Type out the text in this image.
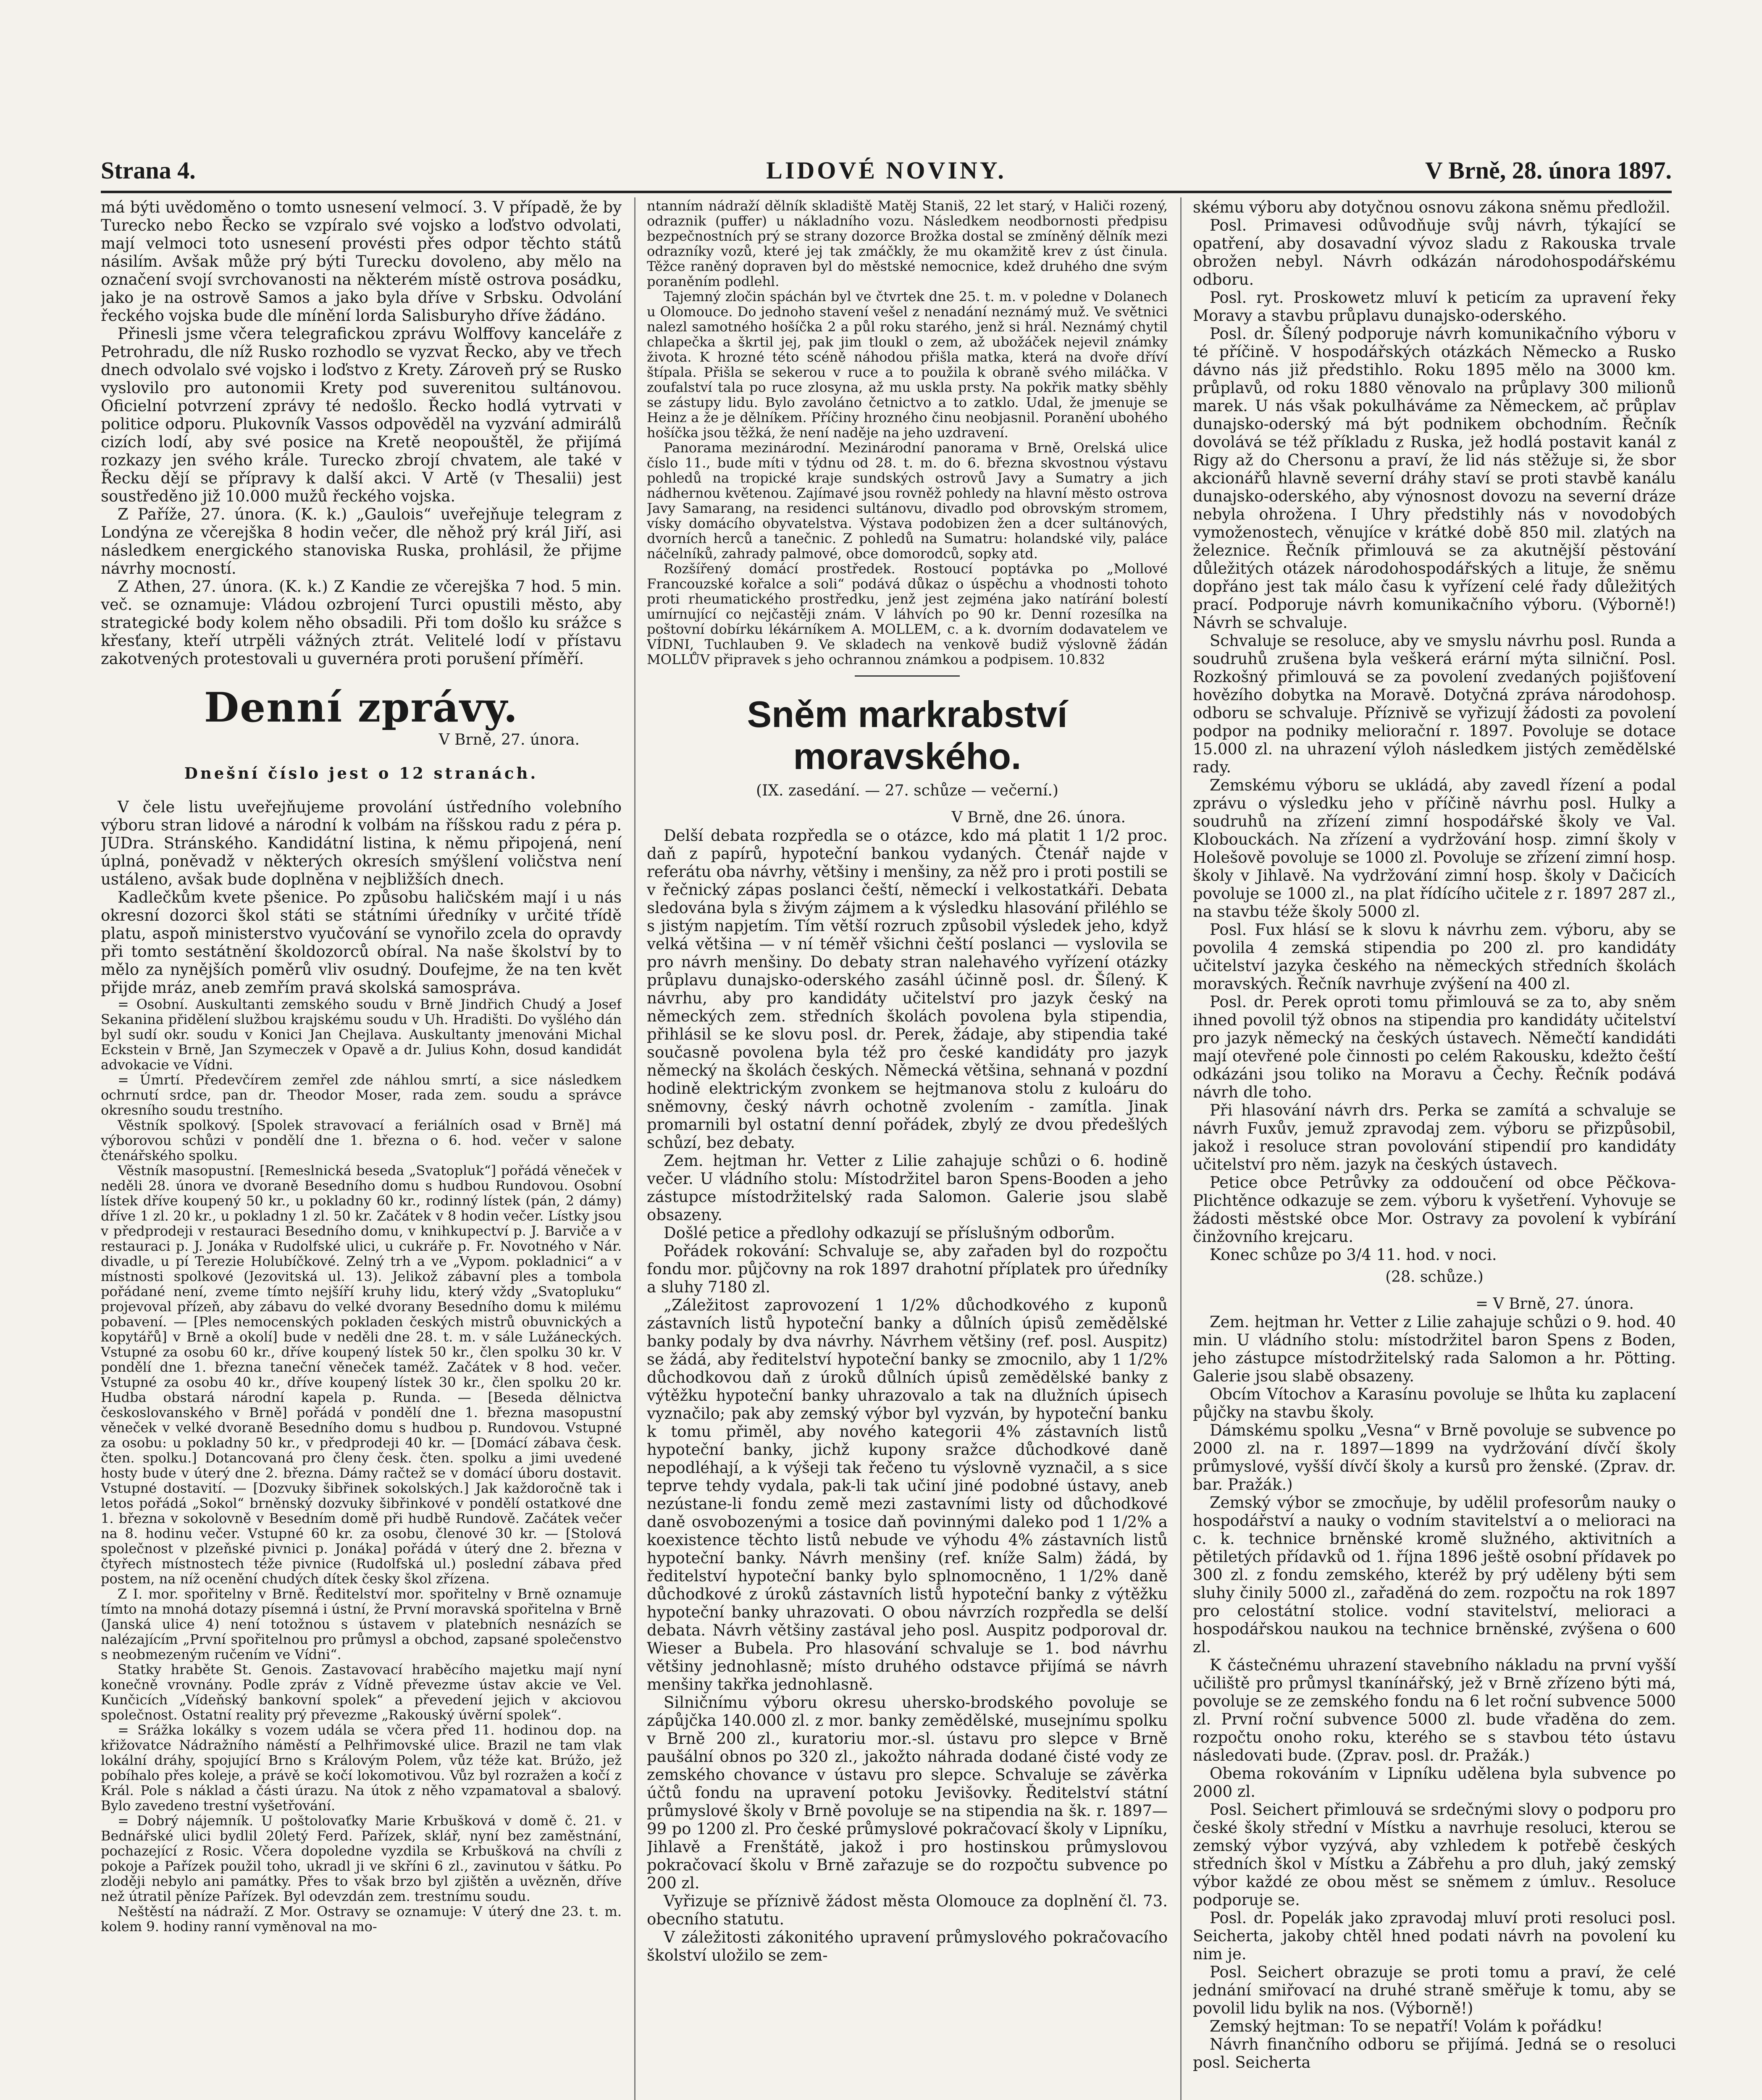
Strana 4.	LIDOVÉ NOVINY.	V Brně, 28. února 1897.

má býti uvědoměno o tomto usnesení velmocí. 3. V případě, že by Turecko nebo Řecko se vzpíralo své vojsko a loďstvo odvolati, mají velmoci toto usnesení provésti přes odpor těchto států násilím. Avšak může prý býti Turecku dovoleno, aby mělo na označení svojí svrchovanosti na některém místě ostrova posádku, jako je na ostrově Samos a jako byla dříve v Srbsku. Odvolání řeckého vojska bude dle mínění lorda Salisburyho dříve žádáno.

Přinesli jsme včera telegrafickou zprávu Wolffovy kanceláře z Petrohradu, dle níž Rusko rozhodlo se vyzvat Řecko, aby ve třech dnech odvolalo své vojsko i loďstvo z Krety. Zároveň prý se Rusko vyslovilo pro autonomii Krety pod suverenitou sultánovou. Oficielní potvrzení zprávy té nedošlo. Řecko hodlá vytrvati v politice odporu. Plukovník Vassos odpověděl na vyzvání admirálů cizích lodí, aby své posice na Kretě neopouštěl, že přijímá rozkazy jen svého krále. Turecko zbrojí chvatem, ale také v Řecku dějí se přípravy k další akci. V Artě (v Thesalii) jest soustředěno již 10.000 mužů řeckého vojska.

Z Paříže, 27. února. (K. k.) „Gaulois“ uveřejňuje telegram z Londýna ze včerejška 8 hodin večer, dle něhož prý král Jiří, asi následkem energického stanoviska Ruska, prohlásil, že přijme návrhy mocností.

Z Athen, 27. února. (K. k.) Z Kandie ze včerejška 7 hod. 5 min. več. se oznamuje: Vládou ozbrojení Turci opustili město, aby strategické body kolem něho obsadili. Při tom došlo ku srážce s křesťany, kteří utrpěli vážných ztrát. Velitelé lodí v přístavu zakotvených protestovali u guvernéra proti porušení příměří.

Denní zprávy.

V Brně, 27. února.

Dnešní číslo jest o 12 stranách.

V čele listu uveřejňujeme provolání ústředního volebního výboru stran lidové a národní k volbám na říšskou radu z péra p. JUDra. Stránského. Kandidátní listina, k němu připojená, není úplná, poněvadž v některých okresích smýšlení voličstva není ustáleno, avšak bude doplněna v nejbližších dnech.

Kadlečkům kvete pšenice. Po způsobu haličském mají i u nás okresní dozorci škol státi se státními úředníky v určité třídě platu, aspoň ministerstvo vyučování se vynořilo zcela do opravdy při tomto sestátnění školdozorců obíral. Na naše školství by to mělo za nynějších poměrů vliv osudný. Doufejme, že na ten květ přijde mráz, aneb zemřím pravá skolská samospráva.

= Osobní. Auskultanti zemského soudu v Brně Jindřich Chudý a Josef Sekanina přidělení službou krajskému soudu v Uh. Hradišti. Do vyšlého dán byl sudí okr. soudu v Konici Jan Chejlava. Auskultanty jmenováni Michal Eckstein v Brně, Jan Szymeczek v Opavě a dr. Julius Kohn, dosud kandidát advokacie ve Vídni.

= Úmrtí. Předevčírem zemřel zde náhlou smrtí, a sice následkem ochrnutí srdce, pan dr. Theodor Moser, rada zem. soudu a správce okresního soudu trestního.

Věstník spolkový. [Spolek stravovací a feriálních osad v Brně] má výborovou schůzi v pondělí dne 1. března o 6. hod. večer v salone čtenářského spolku.

Věstník masopustní. [Remeslnická beseda „Svatopluk“] pořádá věneček v neděli 28. února ve dvoraně Besedního domu s hudbou Rundovou. Osobní lístek dříve koupený 50 kr., u pokladny 60 kr., rodinný lístek (pán, 2 dámy) dříve 1 zl. 20 kr., u pokladny 1 zl. 50 kr. Začátek v 8 hodin večer. Lístky jsou v předprodeji v restauraci Besedního domu, v knihkupectví p. J. Barviče a v restauraci p. J. Jonáka v Rudolfské ulici, u cukráře p. Fr. Novotného v Nár. divadle, u pí Terezie Holubíčkové. Zelný trh a ve „Vypom. pokladnici“ a v místnosti spolkové (Jezovitská ul. 13). Jelikož zábavní ples a tombola pořádané není, zveme tímto nejšíří kruhy lidu, který vždy „Svatopluku“ projevoval přízeň, aby zábavu do velké dvorany Besedního domu k milému pobavení. — [Ples nemocenských pokladen českých mistrů obuvnických a kopytářů] v Brně a okolí] bude v neděli dne 28. t. m. v sále Lužáneckých. Vstupné za osobu 60 kr., dříve koupený lístek 50 kr., člen spolku 30 kr. V pondělí dne 1. března taneční věneček taméž. Začátek v 8 hod. večer. Vstupné za osobu 40 kr., dříve koupený lístek 30 kr., člen spolku 20 kr. Hudba obstará národní kapela p. Runda. — [Beseda dělnictva českoslovanského v Brně] pořádá v pondělí dne 1. března masopustní věneček v velké dvoraně Besedního domu s hudbou p. Rundovou. Vstupné za osobu: u pokladny 50 kr., v předprodeji 40 kr. — [Domácí zábava česk. čten. spolku.] Dotancovaná pro členy česk. čten. spolku a jimi uvedené hosty bude v úterý dne 2. března. Dámy račtež se v domácí úboru dostavit. Vstupné dostavití. — [Dozvuky šibřinek sokolských.] Jak každoročně tak i letos pořádá „Sokol“ brněnský dozvuky šibřinkové v pondělí ostatkové dne 1. března v sokolovně v Besedním domě při hudbě Rundově. Začátek večer na 8. hodinu večer. Vstupné 60 kr. za osobu, členové 30 kr. — [Stolová společnost v plzeňské pivnici p. Jonáka] pořádá v úterý dne 2. března v čtyřech místnostech téže pivnice (Rudolfská ul.) poslední zábava před postem, na níž ocenění chudých dítek česky škol zřízena.

Z I. mor. spořitelny v Brně. Ředitelství mor. spořitelny v Brně oznamuje tímto na mnohá dotazy písemná i ústní, že První moravská spořitelna v Brně (Janská ulice 4) není totožnou s ústavem v platebních nesnázích se nalézajícím „První spořitelnou pro průmysl a obchod, zapsané společenstvo s neobmezeným ručením ve Vídni“.

Statky hraběte St. Genois. Zastavovací hraběcího majetku mají nyní konečně vrovnány. Podle zpráv z Vídně převezme ústav akcie ve Vel. Kunčicích „Vídeňský bankovní spolek“ a převedení jejich v akciovou společnost. Ostatní reality prý převezme „Rakouský úvěrní spolek“.

= Srážka lokálky s vozem udála se včera před 11. hodinou dop. na křižovatce Nádražního náměstí a Pelhřimovské ulice. Brazil ne tam vlak lokální dráhy, spojující Brno s Královým Polem, vůz téže kat. Brúžo, jež pobíhalo přes koleje, a právě se kočí lokomotivou. Vůz byl rozražen a kočí z Král. Pole s náklad a části úrazu. Na útok z něho vzpamatoval a sbalový. Bylo zavedeno trestní vyšetřování.

= Dobrý nájemník. U poštolovaťky Marie Krbušková v domě č. 21. v Bednářské ulici bydlil 20letý Ferd. Pařízek, sklář, nyní bez zaměstnání, pochazející z Rosic. Včera dopoledne vyzdila se Krbušková na chvíli z pokoje a Pařízek použil toho, ukradl ji ve skříni 6 zl., zavinutou v šátku. Po zloději nebylo ani památky. Přes to však brzo byl zjištěn a uvězněn, dříve než útratil pěníze Pařízek. Byl odevzdán zem. trestnímu soudu.

Neštěstí na nádraží. Z Mor. Ostravy se oznamuje: V úterý dne 23. t. m. kolem 9. hodiny ranní vyměnoval na mo-

ntanním nádraží dělník skladiště Matěj Staniš, 22 let starý, v Haliči rozený, odraznik (puffer) u nákladního vozu. Následkem neodbornosti předpisu bezpečnostních prý se strany dozorce Brožka dostal se zmíněný dělník mezi odrazníky vozů, které jej tak zmáčkly, že mu okamžitě krev z úst činula. Těžce raněný dopraven byl do městské nemocnice, kdež druhého dne svým poraněním podlehl.

Tajemný zločin spáchán byl ve čtvrtek dne 25. t. m. v poledne v Dolanech u Olomouce. Do jednoho stavení vešel z nenadání neznámý muž. Ve světnici nalezl samotného hošíčka 2 a půl roku starého, jenž si hrál. Neznámý chytil chlapečka a škrtil jej, pak jim tloukl o zem, až ubožáček nejevil známky života. K hrozné této scéně náhodou přišla matka, která na dvoře dříví štípala. Přišla se sekerou v ruce a to použila k obraně svého miláčka. V zoufalství tala po ruce zlosyna, až mu uskla prsty. Na pokřik matky sběhly se zástupy lidu. Bylo zavoláno četnictvo a to zatklo. Udal, že jmenuje se Heinz a že je dělníkem. Příčiny hrozného činu neobjasnil. Poranění ubohého hošíčka jsou těžká, že není naděje na jeho uzdravení.

Panorama mezinárodní. Mezinárodní panorama v Brně, Orelská ulice číslo 11., bude míti v týdnu od 28. t. m. do 6. března skvostnou výstavu pohledů na tropické kraje sundských ostrovů Javy a Sumatry a jich nádhernou květenou. Zajímavé jsou rovněž pohledy na hlavní město ostrova Javy Samarang, na residenci sultánovu, divadlo pod obrovským stromem, vísky domácího obyvatelstva. Výstava podobizen žen a dcer sultánových, dvorních herců a tanečnic. Z pohledů na Sumatru: holandské vily, paláce náčelníků, zahrady palmové, obce domorodců, sopky atd.

Rozšířený domácí prostředek. Rostoucí poptávka po „Mollové Francouzské kořalce a soli“ podává důkaz o úspěchu a vhodnosti tohoto proti rheumatického prostředku, jenž jest zejména jako natírání bolestí umírnující co nejčastěji znám. V láhvích po 90 kr. Denní rozesílka na poštovní dobírku lékárníkem A. MOLLEM, c. a k. dvorním dodavatelem ve VÍDNI, Tuchlauben 9. Ve skladech na venkově budiž výslovně žádán MOLLŮV připravek s jeho ochrannou známkou a podpisem. 10.832

Sněm markrabství moravského.

(IX. zasedání. — 27. schůze — večerní.)

V Brně, dne 26. února.

Delší debata rozpředla se o otázce, kdo má platit 1 1/2 proc. daň z papírů, hypoteční bankou vydaných. Čtenář najde v referátu oba návrhy, většiny i menšiny, za něž pro i proti postili se v řečnický zápas poslanci čeští, německí i velkostatkáři. Debata sledována byla s živým zájmem a k výsledku hlasování přiléhlo se s jistým napjetím. Tím větší rozruch způsobil výsledek jeho, když velká většina — v ní téměř všichni čeští poslanci — vyslovila se pro návrh menšiny. Do debaty stran nalehavého vyřízení otázky průplavu dunajsko-oderského zasáhl účinně posl. dr. Šílený. K návrhu, aby pro kandidáty učitelství pro jazyk český na německých zem. středních školách povolena byla stipendia, přihlásil se ke slovu posl. dr. Perek, žádaje, aby stipendia také současně povolena byla též pro české kandidáty pro jazyk německý na školách českých. Německá většina, sehnaná v pozdní hodině elektrickým zvonkem se hejtmanova stolu z kuloáru do sněmovny, český návrh ochotně zvolením - zamítla. Jinak promarnili byl ostatní denní pořádek, zbylý ze dvou předešlých schůzí, bez debaty.

Zem. hejtman hr. Vetter z Lilie zahajuje schůzi o 6. hodině večer. U vládního stolu: Místodržitel baron Spens-Booden a jeho zástupce místodržitelský rada Salomon. Galerie jsou slabě obsazeny.

Došlé petice a předlohy odkazují se příslušným odborům.

Pořádek rokování: Schvaluje se, aby zařaden byl do rozpočtu fondu mor. půjčovny na rok 1897 drahotní příplatek pro úředníky a sluhy 7180 zl.

„Záležitost zaprovození 1 1/2% důchodkového z kuponů zástavních listů hypoteční banky a důlních úpisů zemědělské banky podaly by dva návrhy. Návrhem většiny (ref. posl. Auspitz) se žádá, aby ředitelství hypoteční banky se zmocnilo, aby 1 1/2% důchodkovou daň z úroků důlních úpisů zemědělské banky z výtěžku hypoteční banky uhrazovalo a tak na dlužních úpisech vyznačilo; pak aby zemský výbor byl vyzván, by hypoteční banku k tomu přiměl, aby nového kategorii 4% zástavních listů hypoteční banky, jichž kupony sražce důchodkové daně nepodléhají, a k výšeji tak řečeno tu výslovně vyznačil, a s sice teprve tehdy vydala, pak-li tak učiní jiné podobné ústavy, aneb nezústane-li fondu země mezi zastavními listy od důchodkové daně osvobozenými a tosice daň povinnými daleko pod 1 1/2% a koexistence těchto listů nebude ve výhodu 4% zástavních listů hypoteční banky. Návrh menšiny (ref. kníže Salm) žádá, by ředitelství hypoteční banky bylo splnomocněno, 1 1/2% daně důchodkové z úroků zástavních listů hypoteční banky z výtěžku hypoteční banky uhrazovati. O obou návrzích rozpředla se delší debata. Návrh většiny zastával jeho posl. Auspitz podporoval dr. Wieser a Bubela. Pro hlasování schvaluje se 1. bod návrhu většiny jednohlasně; místo druhého odstavce přijímá se návrh menšiny takřka jednohlasně.

Silničnímu výboru okresu uhersko-brodského povoluje se zápůjčka 140.000 zl. z mor. banky zemědělské, musejnímu spolku v Brně 200 zl., kuratoriu mor.-sl. ústavu pro slepce v Brně paušální obnos po 320 zl., jakožto náhrada dodané čisté vody ze zemského chovance v ústavu pro slepce. Schvaluje se závěrka účtů fondu na upravení potoku Jevišovky. Ředitelství státní průmyslové školy v Brně povoluje se na stipendia na šk. r. 1897—99 po 1200 zl. Pro české průmyslové pokračovací školy v Lipníku, Jihlavě a Frenštátě, jakož i pro hostinskou průmyslovou pokračovací školu v Brně zařazuje se do rozpočtu subvence po 200 zl.

Vyřizuje se příznivě žádost města Olomouce za doplnění čl. 73. obecního statutu.

V záležitosti zákonitého upravení průmyslového pokračovacího školství uložilo se zem-

skému výboru aby dotyčnou osnovu zákona sněmu předložil.

Posl. Primavesi odůvodňuje svůj návrh, týkající se opatření, aby dosavadní vývoz sladu z Rakouska trvale obrožen nebyl. Návrh odkázán národohospodářskému odboru.

Posl. ryt. Proskowetz mluví k peticím za upravení řeky Moravy a stavbu průplavu dunajsko-oderského.

Posl. dr. Šílený podporuje návrh komunikačního výboru v té příčině. V hospodářských otázkách Německo a Rusko dávno nás již předstihlo. Roku 1895 mělo na 3000 km. průplavů, od roku 1880 věnovalo na průplavy 300 milionů marek. U nás však pokulháváme za Německem, ač průplav dunajsko-oderský má být podnikem obchodním. Řečník dovolává se též příkladu z Ruska, jež hodlá postavit kanál z Rigy až do Chersonu a praví, že lid nás stěžuje si, že sbor akcionářů hlavně severní dráhy staví se proti stavbě kanálu dunajsko-oderského, aby výnosnost dovozu na severní dráze nebyla ohrožena. I Uhry předstihly nás v novodobých vymoženostech, věnujíce v krátké době 850 mil. zlatých na železnice. Řečník přimlouvá se za akutnější pěstování důležitých otázek národohospodářských a lituje, že sněmu dopřáno jest tak málo času k vyřízení celé řady důležitých prací. Podporuje návrh komunikačního výboru. (Výborně!) Návrh se schvaluje.

Schvaluje se resoluce, aby ve smyslu návrhu posl. Runda a soudruhů zrušena byla veškerá erární mýta silniční. Posl. Rozkošný přimlouvá se za povolení zvedaných pojišťovení hovězího dobytka na Moravě. Dotyčná zpráva národohosp. odboru se schvaluje. Příznivě se vyřizují žádosti za povolení podpor na podniky meliorační r. 1897. Povoluje se dotace 15.000 zl. na uhrazení výloh následkem jistých zemědělské rady.

Zemskému výboru se ukládá, aby zavedl řízení a podal zprávu o výsledku jeho v příčině návrhu posl. Hulky a soudruhů na zřízení zimní hospodářské školy ve Val. Klobouckách. Na zřízení a vydržování hosp. zimní školy v Holešově povoluje se 1000 zl. Povoluje se zřízení zimní hosp. školy v Jihlavě. Na vydržování zimní hosp. školy v Dačicích povoluje se 1000 zl., na plat řídícího učitele z r. 1897 287 zl., na stavbu téže školy 5000 zl.

Posl. Fux hlásí se k slovu k návrhu zem. výboru, aby se povolila 4 zemská stipendia po 200 zl. pro kandidáty učitelství jazyka českého na německých středních školách moravských. Řečník navrhuje zvýšení na 400 zl.

Posl. dr. Perek oproti tomu přimlouvá se za to, aby sněm ihned povolil týž obnos na stipendia pro kandidáty učitelství pro jazyk německý na českých ústavech. Němečtí kandidáti mají otevřené pole činnosti po celém Rakousku, kdežto čeští odkázáni jsou toliko na Moravu a Čechy. Řečník podává návrh dle toho.

Při hlasování návrh drs. Perka se zamítá a schvaluje se návrh Fuxův, jemuž zpravodaj zem. výboru se přizpůsobil, jakož i resoluce stran povolování stipendií pro kandidáty učitelství pro něm. jazyk na českých ústavech.

Petice obce Petrůvky za oddoučení od obce Pěčkova-Plichtěnce odkazuje se zem. výboru k vyšetření. Vyhovuje se žádosti městské obce Mor. Ostravy za povolení k vybírání činžovního krejcaru.

Konec schůze po 3/4 11. hod. v noci.

(28. schůze.)

= V Brně, 27. února.

Zem. hejtman hr. Vetter z Lilie zahajuje schůzi o 9. hod. 40 min. U vládního stolu: místodržitel baron Spens z Boden, jeho zástupce místodržitelský rada Salomon a hr. Pötting. Galerie jsou slabě obsazeny.

Obcím Vítochov a Karasínu povoluje se lhůta ku zaplacení půjčky na stavbu školy.

Dámskému spolku „Vesna“ v Brně povoluje se subvence po 2000 zl. na r. 1897—1899 na vydržování dívčí školy průmyslové, vyšší dívčí školy a kursů pro ženské. (Zprav. dr. bar. Pražák.)

Zemský výbor se zmocňuje, by udělil profesorům nauky o hospodářství a nauky o vodním stavitelství a o melioraci na c. k. technice brněnské kromě služného, aktivitních a pětiletých přídavků od 1. října 1896 ještě osobní přídavek po 300 zl. z fondu zemského, kteréž by prý uděleny býti sem sluhy činily 5000 zl., zařaděná do zem. rozpočtu na rok 1897 pro celostátní stolice. vodní stavitelství, melioraci a hospodářskou naukou na technice brněnské, zvýšena o 600 zl.

K částečnému uhrazení stavebního nákladu na první vyšší učiliště pro průmysl tkanínářský, jež v Brně zřízeno býti má, povoluje se ze zemského fondu na 6 let roční subvence 5000 zl. První roční subvence 5000 zl. bude vřaděna do zem. rozpočtu onoho roku, kterého se s stavbou této ústavu následovati bude. (Zprav. posl. dr. Pražák.)

Obema rokováním v Lipníku udělena byla subvence po 2000 zl.

Posl. Seichert přimlouvá se srdečnými slovy o podporu pro české školy střední v Místku a navrhuje resoluci, kterou se zemský výbor vyzývá, aby vzhledem k potřebě českých středních škol v Místku a Zábřehu a pro dluh, jaký zemský výbor každé ze obou měst se sněmem z úmluv.. Resoluce podporuje se.

Posl. dr. Popelák jako zpravodaj mluví proti resoluci posl. Seicherta, jakoby chtěl hned podati návrh na povolení ku nim je.

Posl. Seichert obrazuje se proti tomu a praví, že celé jednání smiřovací na druhé straně směřuje k tomu, aby se povolil lidu bylik na nos. (Výborně!)

Zemský hejtman: To se nepatří! Volám k pořádku!

Návrh finančního odboru se přijímá. Jedná se o resoluci posl. Seicherta
